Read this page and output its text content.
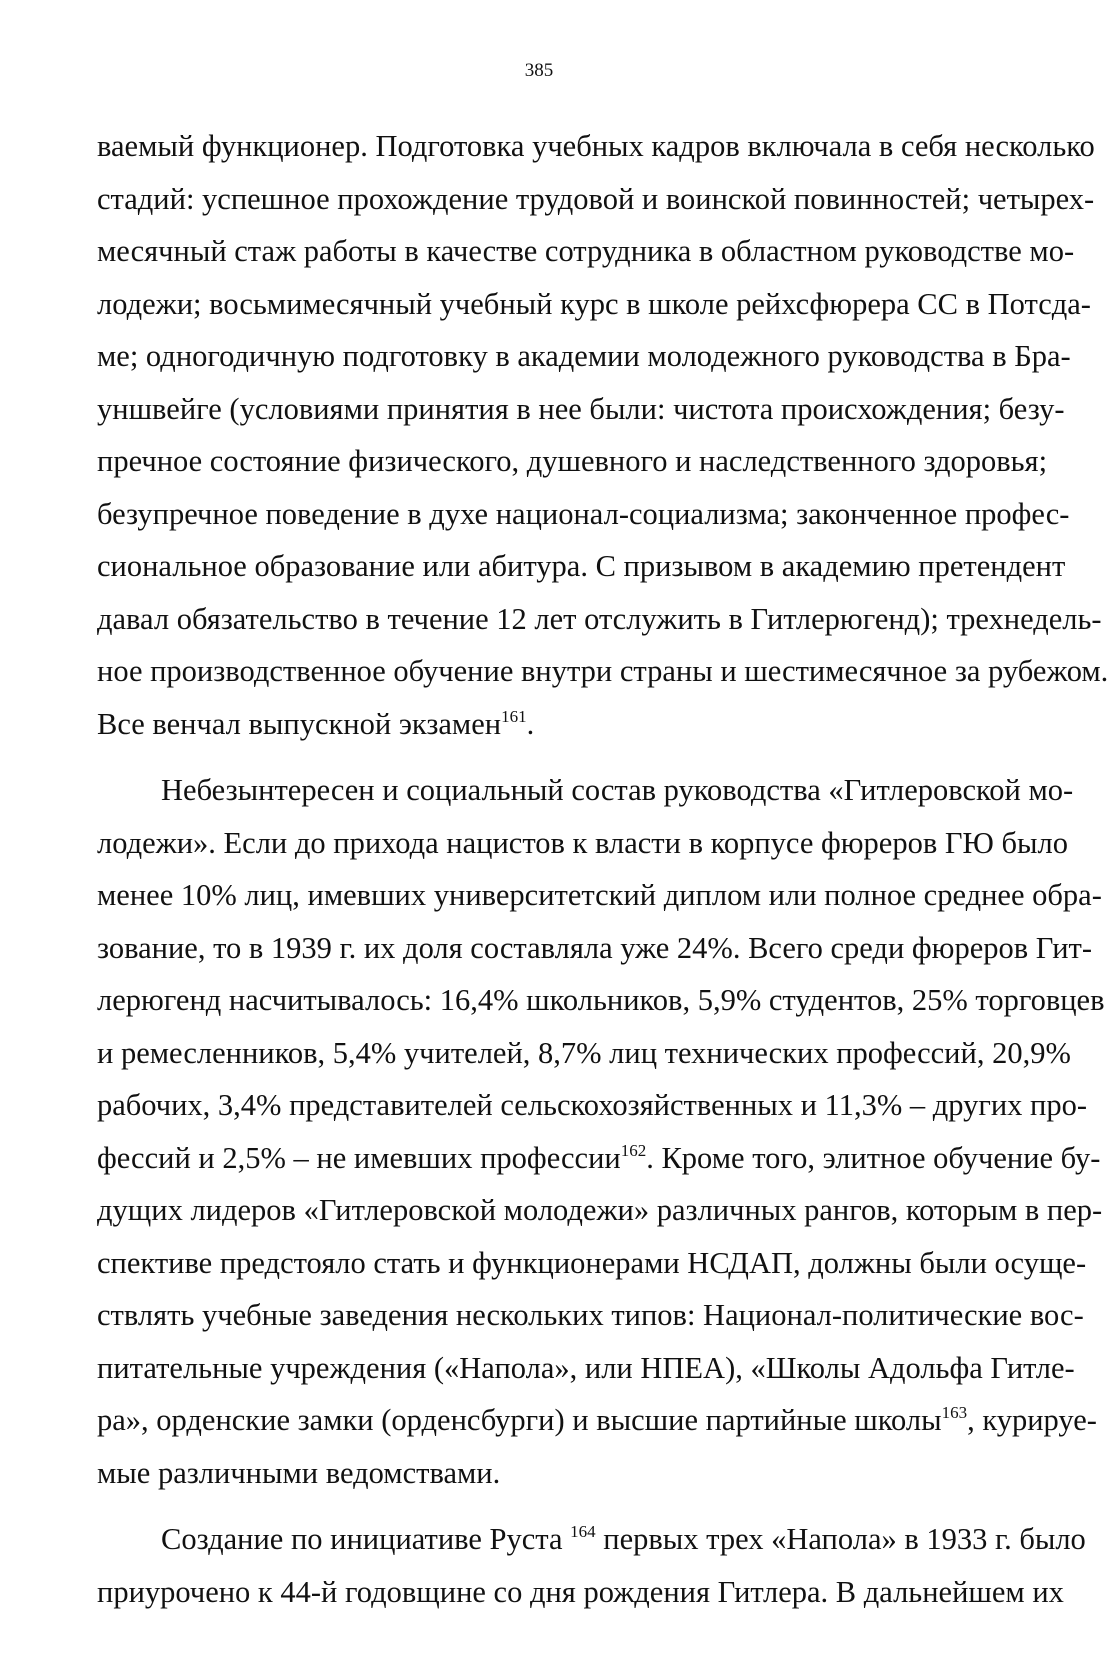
385
ваемый функционер. Подготовка учебных кадров включала в себя несколько
стадий: успешное прохождение трудовой и воинской повинностей; четырех-
месячный стаж работы в качестве сотрудника в областном руководстве мо-
лодежи; восьмимесячный учебный курс в школе рейхсфюрера СС в Потсда-
ме; одногодичную подготовку в академии молодежного руководства в Бра-
уншвейге (условиями принятия в нее были: чистота происхождения; безу-
пречное состояние физического, душевного и наследственного здоровья;
безупречное поведение в духе национал-социализма; законченное профес-
сиональное образование или абитура. С призывом в академию претендент
давал обязательство в течение 12 лет отслужить в Гитлерюгенд); трехнедель-
ное производственное обучение внутри страны и шестимесячное за рубежом.
Все венчал выпускной экзамен$^{161}$.
Небезынтересен и социальный состав руководства «Гитлеровской мо-
лодежи». Если до прихода нацистов к власти в корпусе фюреров ГЮ было
менее 10% лиц, имевших университетский диплом или полное среднее обра-
зование, то в 1939 г. их доля составляла уже 24%. Всего среди фюреров Гит-
лерюгенд насчитывалось: 16,4% школьников, 5,9% студентов, 25% торговцев
и ремесленников, 5,4% учителей, 8,7% лиц технических профессий, 20,9%
рабочих, 3,4% представителей сельскохозяйственных и 11,3% – других про-
фессий и 2,5% – не имевших профессии$^{162}$. Кроме того, элитное обучение бу-
дущих лидеров «Гитлеровской молодежи» различных рангов, которым в пер-
спективе предстояло стать и функционерами НСДАП, должны были осуще-
ствлять учебные заведения нескольких типов: Национал-политические вос-
питательные учреждения («Напола», или НПЕА), «Школы Адольфа Гитле-
ра», орденские замки (орденсбурги) и высшие партийные школы$^{163}$, курируе-
мые различными ведомствами.
Создание по инициативе Руста $^{164}$ первых трех «Напола» в 1933 г. было
приурочено к 44-й годовщине со дня рождения Гитлера. В дальнейшем их
